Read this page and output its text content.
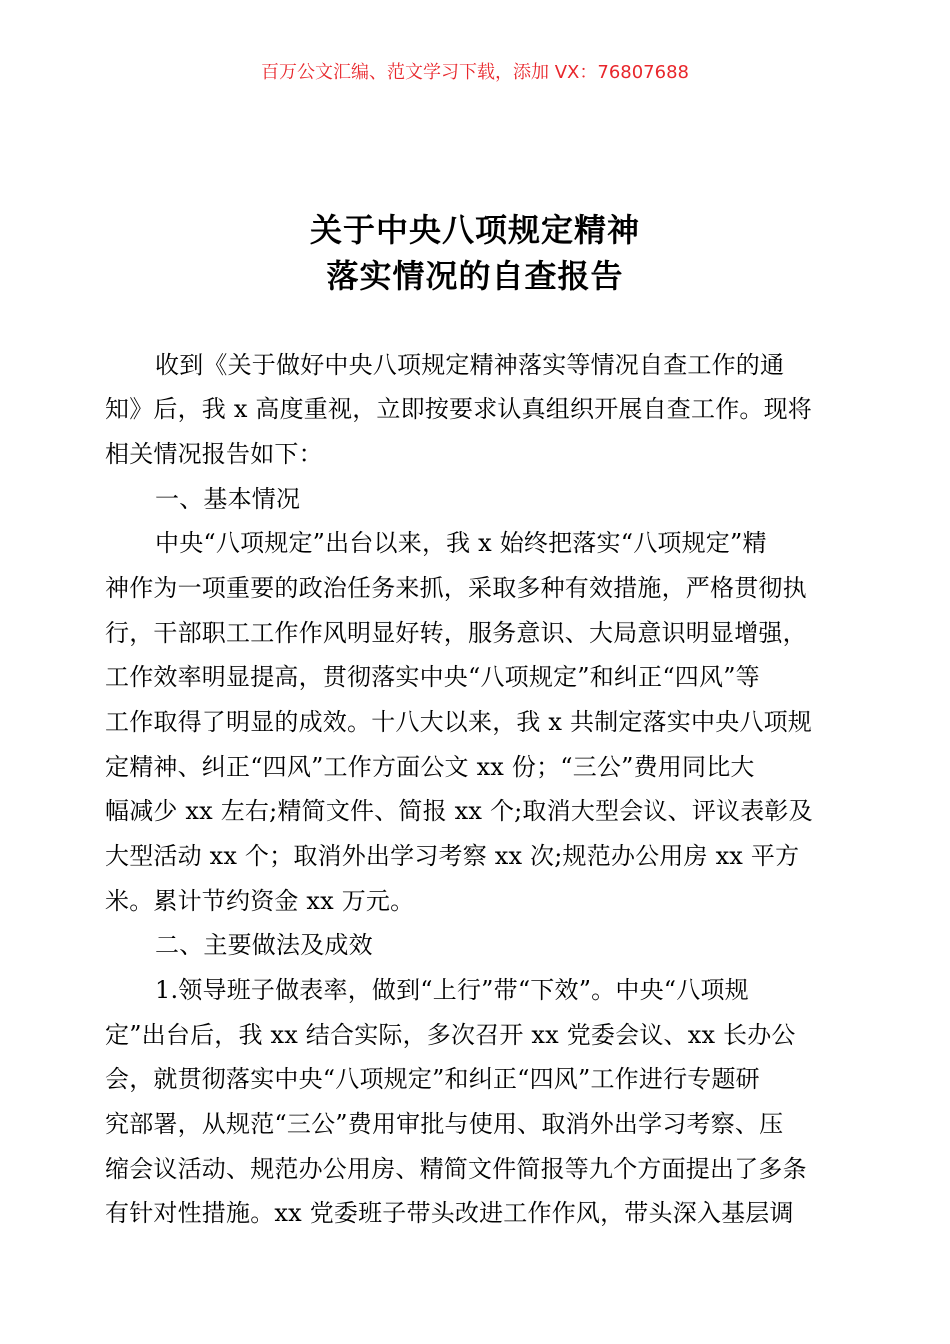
百万公文汇编、范文学习下载，添加 VX：76807688
关于中央八项规定精神
落实情况的自查报告
收到《关于做好中央八项规定精神落实等情况自查工作的通
知》后，我 x 高度重视，立即按要求认真组织开展自查工作。现将
相关情况报告如下：
一、基本情况
中央“八项规定”出台以来，我 x 始终把落实“八项规定”精
神作为一项重要的政治任务来抓，采取多种有效措施，严格贯彻执
行，干部职工工作作风明显好转，服务意识、大局意识明显增强，
工作效率明显提高，贯彻落实中央“八项规定”和纠正“四风”等
工作取得了明显的成效。十八大以来，我 x 共制定落实中央八项规
定精神、纠正“四风”工作方面公文 xx 份；“三公”费用同比大
幅减少 xx 左右;精简文件、简报 xx 个;取消大型会议、评议表彰及
大型活动 xx 个；取消外出学习考察 xx 次;规范办公用房 xx 平方
米。累计节约资金 xx 万元。
二、主要做法及成效
1.领导班子做表率，做到“上行”带“下效”。中央“八项规
定”出台后，我 xx 结合实际，多次召开 xx 党委会议、xx 长办公
会，就贯彻落实中央“八项规定”和纠正“四风”工作进行专题研
究部署，从规范“三公”费用审批与使用、取消外出学习考察、压
缩会议活动、规范办公用房、精简文件简报等九个方面提出了多条
有针对性措施。xx 党委班子带头改进工作作风，带头深入基层调
